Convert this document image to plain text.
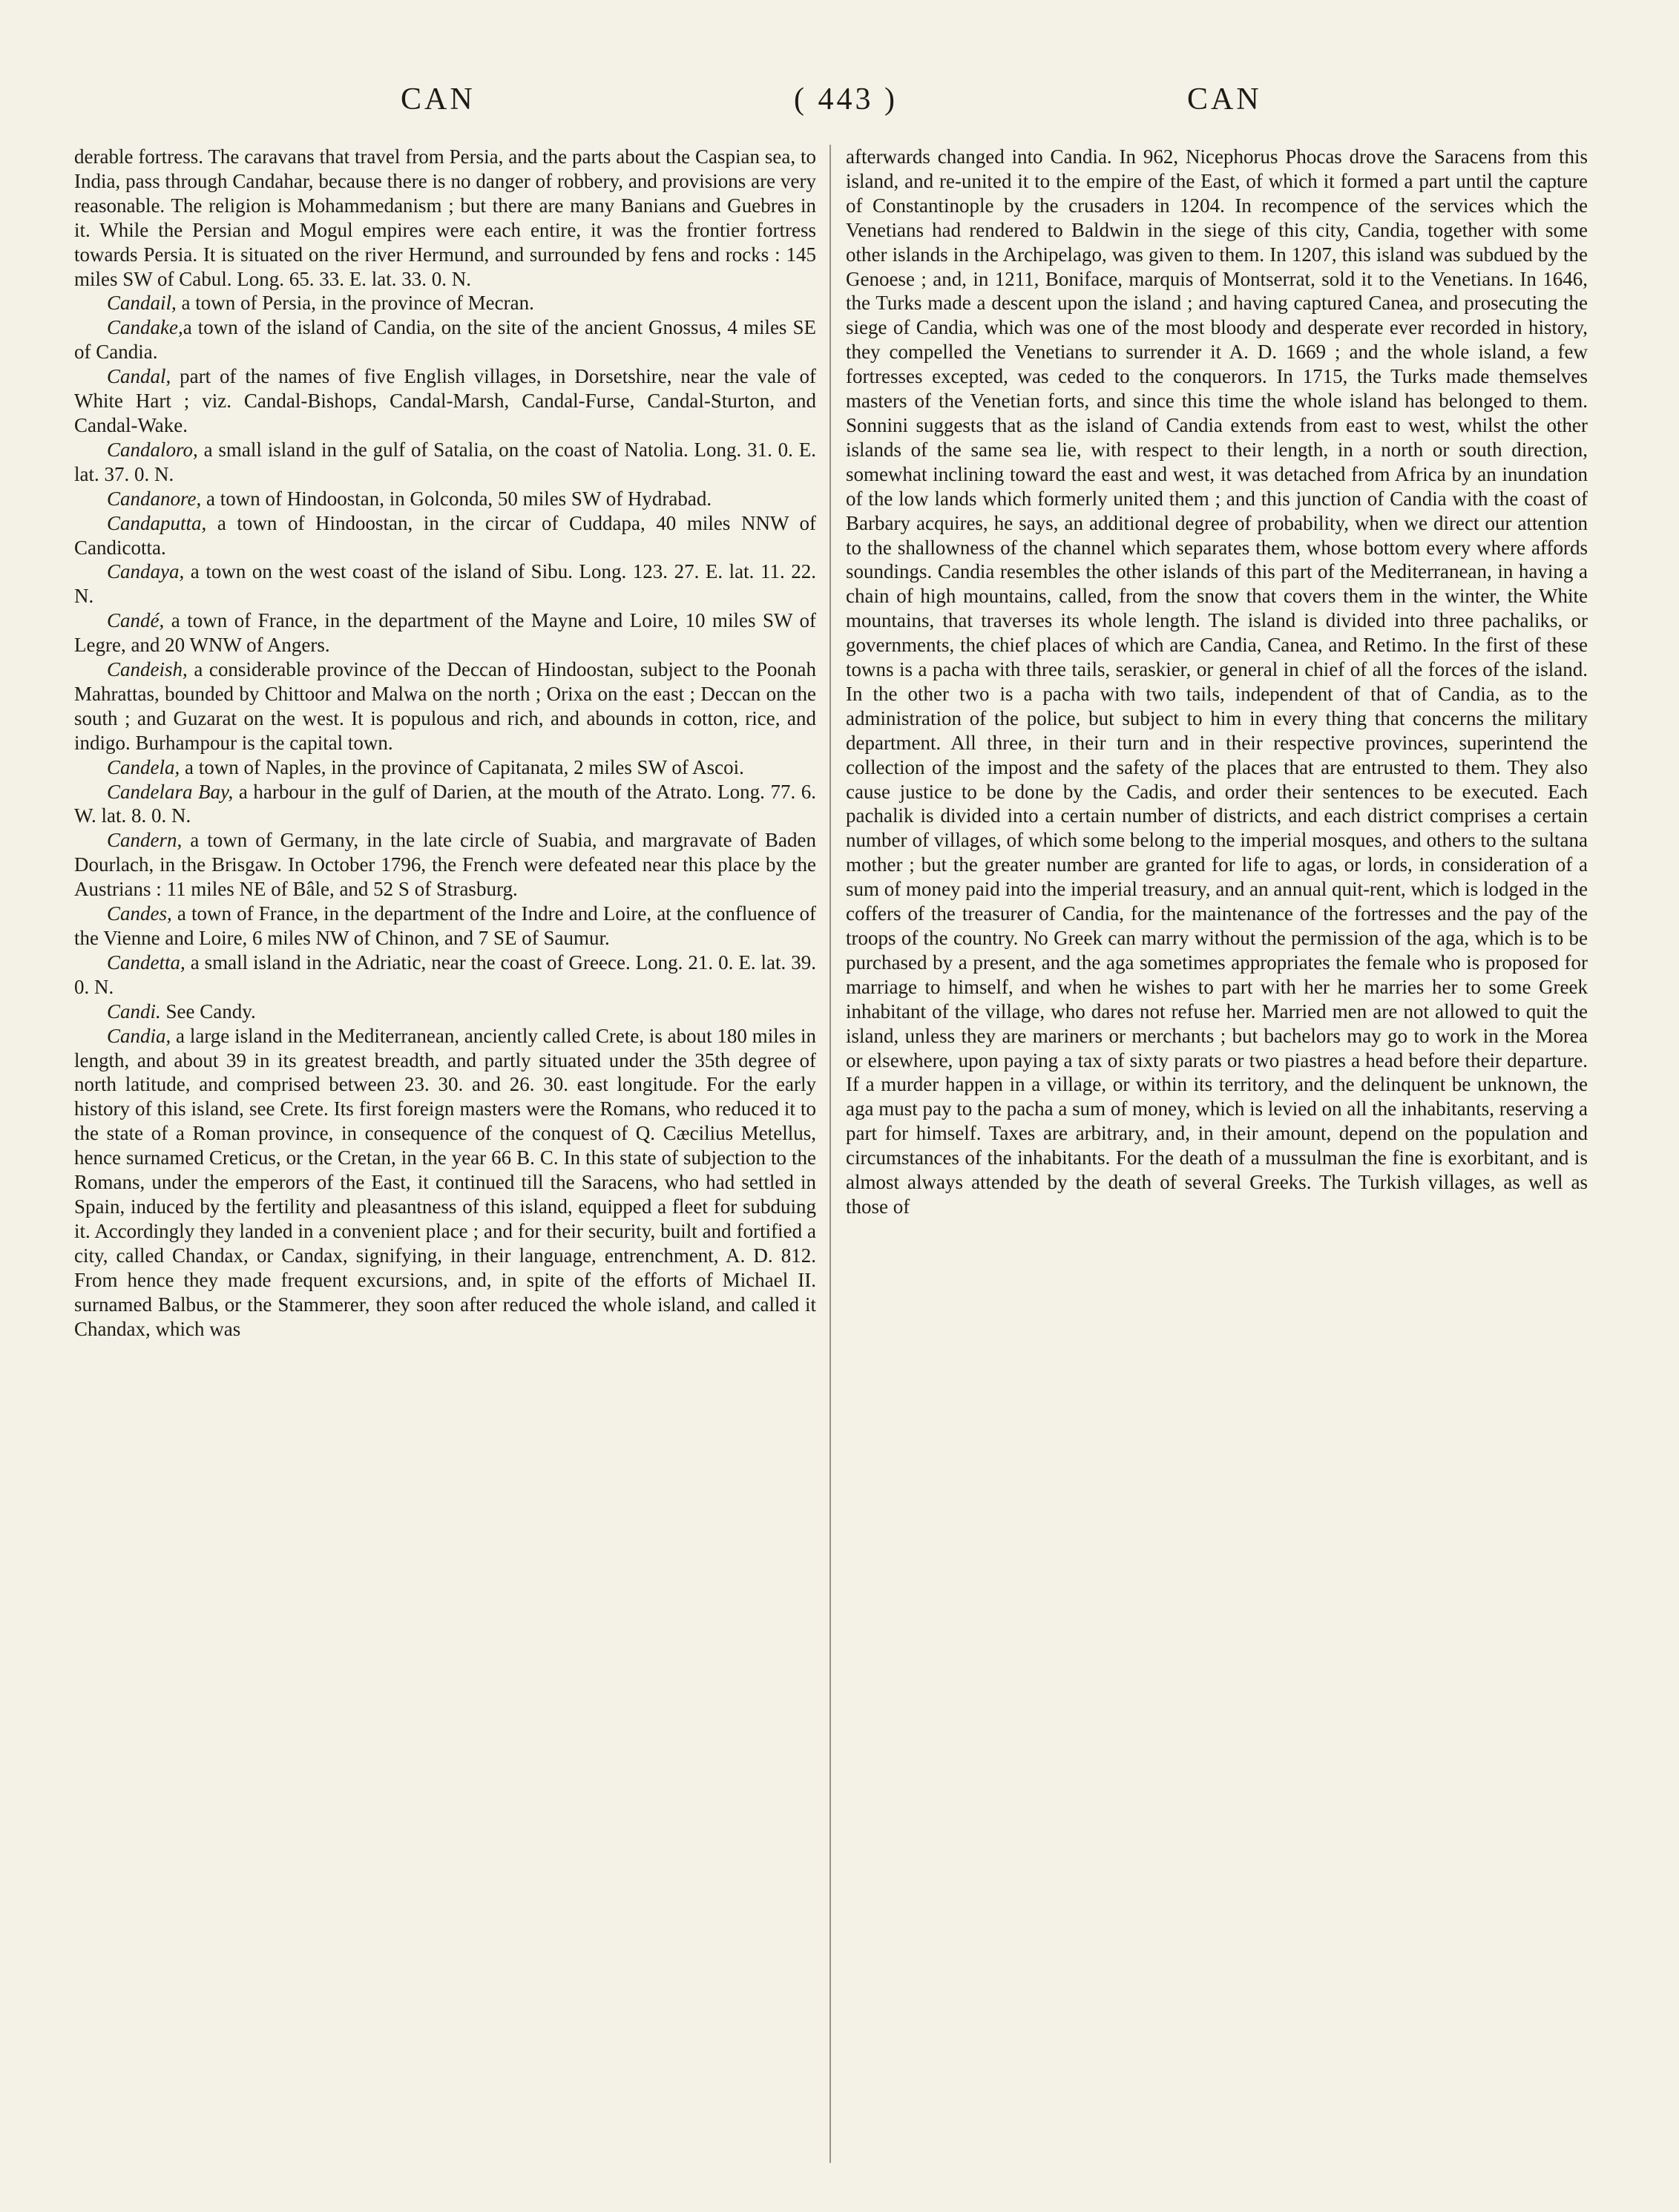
CAN	( 443 )	CAN

derable fortress. The caravans that travel from Persia, and the parts about the Caspian sea, to India, pass through Candahar, because there is no danger of robbery, and provisions are very reasonable. The religion is Mohammedanism ; but there are many Banians and Guebres in it. While the Persian and Mogul empires were each entire, it was the frontier fortress towards Persia. It is situated on the river Hermund, and surrounded by fens and rocks : 145 miles SW of Cabul. Long. 65. 33. E. lat. 33. 0. N.

Candail, a town of Persia, in the province of Mecran.

Candake,a town of the island of Candia, on the site of the ancient Gnossus, 4 miles SE of Candia.

Candal, part of the names of five English villages, in Dorsetshire, near the vale of White Hart ; viz. Candal-Bishops, Candal-Marsh, Candal-Furse, Candal-Sturton, and Candal-Wake.

Candaloro, a small island in the gulf of Satalia, on the coast of Natolia. Long. 31. 0. E. lat. 37. 0. N.

Candanore, a town of Hindoostan, in Golconda, 50 miles SW of Hydrabad.

Candaputta, a town of Hindoostan, in the circar of Cuddapa, 40 miles NNW of Candicotta.

Candaya, a town on the west coast of the island of Sibu. Long. 123. 27. E. lat. 11. 22. N.

Candé, a town of France, in the department of the Mayne and Loire, 10 miles SW of Legre, and 20 WNW of Angers.

Candeish, a considerable province of the Deccan of Hindoostan, subject to the Poonah Mahrattas, bounded by Chittoor and Malwa on the north ; Orixa on the east ; Deccan on the south ; and Guzarat on the west. It is populous and rich, and abounds in cotton, rice, and indigo. Burhampour is the capital town.

Candela, a town of Naples, in the province of Capitanata, 2 miles SW of Ascoi.

Candelara Bay, a harbour in the gulf of Darien, at the mouth of the Atrato. Long. 77. 6. W. lat. 8. 0. N.

Candern, a town of Germany, in the late circle of Suabia, and margravate of Baden Dourlach, in the Brisgaw. In October 1796, the French were defeated near this place by the Austrians : 11 miles NE of Bâle, and 52 S of Strasburg.

Candes, a town of France, in the department of the Indre and Loire, at the confluence of the Vienne and Loire, 6 miles NW of Chinon, and 7 SE of Saumur.

Candetta, a small island in the Adriatic, near the coast of Greece. Long. 21. 0. E. lat. 39. 0. N.

Candi. See Candy.

Candia, a large island in the Mediterranean, anciently called Crete, is about 180 miles in length, and about 39 in its greatest breadth, and partly situated under the 35th degree of north latitude, and comprised between 23. 30. and 26. 30. east longitude. For the early history of this island, see Crete. Its first foreign masters were the Romans, who reduced it to the state of a Roman province, in consequence of the conquest of Q. Cæcilius Metellus, hence surnamed Creticus, or the Cretan, in the year 66 B. C. In this state of subjection to the Romans, under the emperors of the East, it continued till the Saracens, who had settled in Spain, induced by the fertility and pleasantness of this island, equipped a fleet for subduing it. Accordingly they landed in a convenient place ; and for their security, built and fortified a city, called Chandax, or Candax, signifying, in their language, entrenchment, A. D. 812. From hence they made frequent excursions, and, in spite of the efforts of Michael II. surnamed Balbus, or the Stammerer, they soon after reduced the whole island, and called it Chandax, which was

afterwards changed into Candia. In 962, Nicephorus Phocas drove the Saracens from this island, and re-united it to the empire of the East, of which it formed a part until the capture of Constantinople by the crusaders in 1204. In recompence of the services which the Venetians had rendered to Baldwin in the siege of this city, Candia, together with some other islands in the Archipelago, was given to them. In 1207, this island was subdued by the Genoese ; and, in 1211, Boniface, marquis of Montserrat, sold it to the Venetians. In 1646, the Turks made a descent upon the island ; and having captured Canea, and prosecuting the siege of Candia, which was one of the most bloody and desperate ever recorded in history, they compelled the Venetians to surrender it A. D. 1669 ; and the whole island, a few fortresses excepted, was ceded to the conquerors. In 1715, the Turks made themselves masters of the Venetian forts, and since this time the whole island has belonged to them. Sonnini suggests that as the island of Candia extends from east to west, whilst the other islands of the same sea lie, with respect to their length, in a north or south direction, somewhat inclining toward the east and west, it was detached from Africa by an inundation of the low lands which formerly united them ; and this junction of Candia with the coast of Barbary acquires, he says, an additional degree of probability, when we direct our attention to the shallowness of the channel which separates them, whose bottom every where affords soundings. Candia resembles the other islands of this part of the Mediterranean, in having a chain of high mountains, called, from the snow that covers them in the winter, the White mountains, that traverses its whole length. The island is divided into three pachaliks, or governments, the chief places of which are Candia, Canea, and Retimo. In the first of these towns is a pacha with three tails, seraskier, or general in chief of all the forces of the island. In the other two is a pacha with two tails, independent of that of Candia, as to the administration of the police, but subject to him in every thing that concerns the military department. All three, in their turn and in their respective provinces, superintend the collection of the impost and the safety of the places that are entrusted to them. They also cause justice to be done by the Cadis, and order their sentences to be executed. Each pachalik is divided into a certain number of districts, and each district comprises a certain number of villages, of which some belong to the imperial mosques, and others to the sultana mother ; but the greater number are granted for life to agas, or lords, in consideration of a sum of money paid into the imperial treasury, and an annual quit-rent, which is lodged in the coffers of the treasurer of Candia, for the maintenance of the fortresses and the pay of the troops of the country. No Greek can marry without the permission of the aga, which is to be purchased by a present, and the aga sometimes appropriates the female who is proposed for marriage to himself, and when he wishes to part with her he marries her to some Greek inhabitant of the village, who dares not refuse her. Married men are not allowed to quit the island, unless they are mariners or merchants ; but bachelors may go to work in the Morea or elsewhere, upon paying a tax of sixty parats or two piastres a head before their departure. If a murder happen in a village, or within its territory, and the delinquent be unknown, the aga must pay to the pacha a sum of money, which is levied on all the inhabitants, reserving a part for himself. Taxes are arbitrary, and, in their amount, depend on the population and circumstances of the inhabitants. For the death of a mussulman the fine is exorbitant, and is almost always attended by the death of several Greeks. The Turkish villages, as well as those of
